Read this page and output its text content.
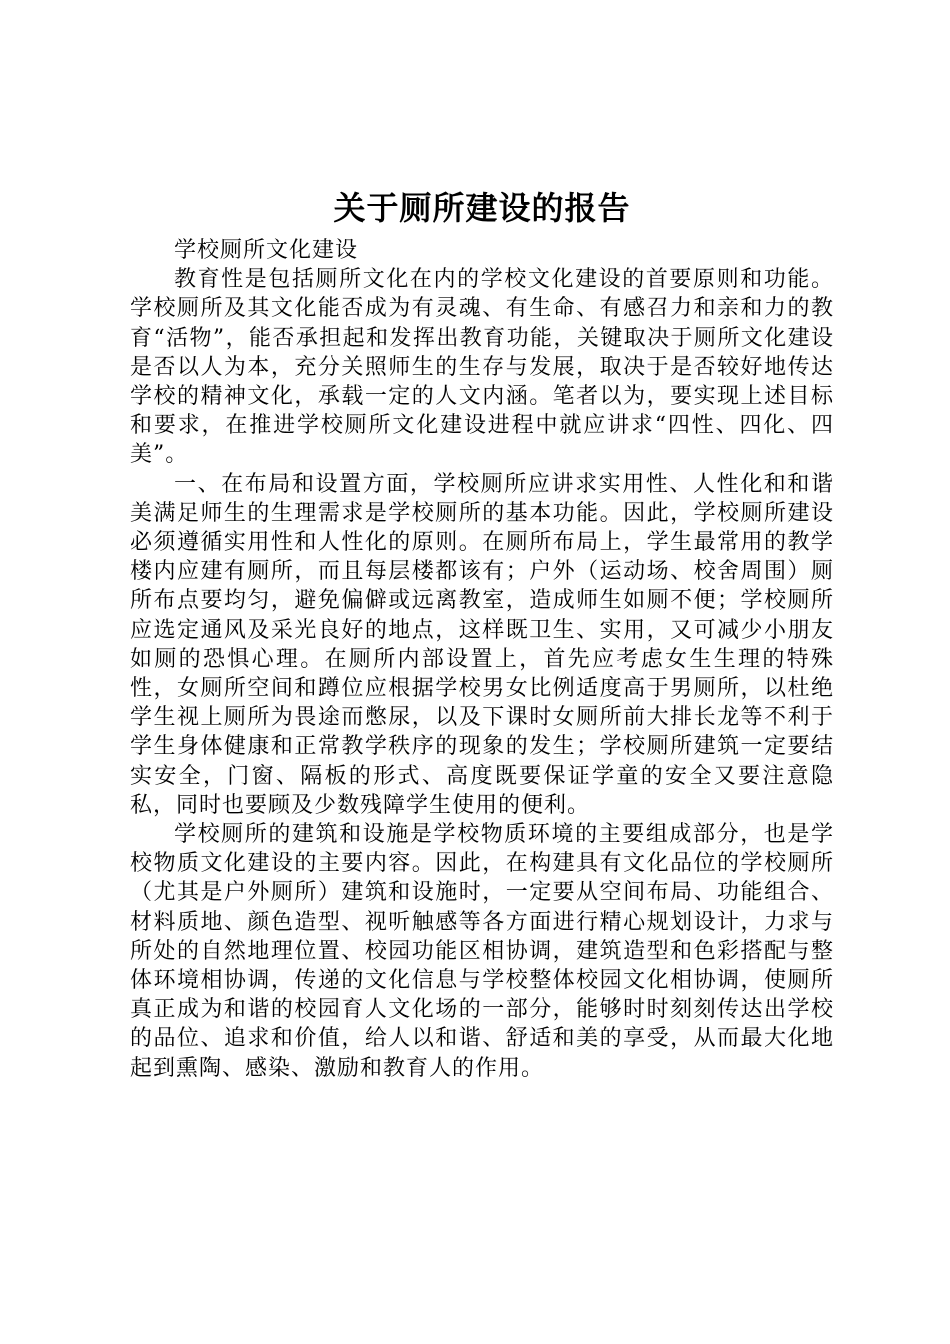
关于厕所建设的报告

学校厕所文化建设

教育性是包括厕所文化在内的学校文化建设的首要原则和功能。学校厕所及其文化能否成为有灵魂、有生命、有感召力和亲和力的教育“活物”，能否承担起和发挥出教育功能，关键取决于厕所文化建设是否以人为本，充分关照师生的生存与发展，取决于是否较好地传达学校的精神文化，承载一定的人文内涵。笔者以为，要实现上述目标和要求，在推进学校厕所文化建设进程中就应讲求“四性、四化、四美”。

一、在布局和设置方面，学校厕所应讲求实用性、人性化和和谐美满足师生的生理需求是学校厕所的基本功能。因此，学校厕所建设必须遵循实用性和人性化的原则。在厕所布局上，学生最常用的教学楼内应建有厕所，而且每层楼都该有；户外（运动场、校舍周围）厕所布点要均匀，避免偏僻或远离教室，造成师生如厕不便；学校厕所应选定通风及采光良好的地点，这样既卫生、实用，又可减少小朋友如厕的恐惧心理。在厕所内部设置上，首先应考虑女生生理的特殊性，女厕所空间和蹲位应根据学校男女比例适度高于男厕所，以杜绝学生视上厕所为畏途而憋尿，以及下课时女厕所前大排长龙等不利于学生身体健康和正常教学秩序的现象的发生；学校厕所建筑一定要结实安全，门窗、隔板的形式、高度既要保证学童的安全又要注意隐私，同时也要顾及少数残障学生使用的便利。

学校厕所的建筑和设施是学校物质环境的主要组成部分，也是学校物质文化建设的主要内容。因此，在构建具有文化品位的学校厕所（尤其是户外厕所）建筑和设施时，一定要从空间布局、功能组合、材料质地、颜色造型、视听触感等各方面进行精心规划设计，力求与所处的自然地理位置、校园功能区相协调，建筑造型和色彩搭配与整体环境相协调，传递的文化信息与学校整体校园文化相协调，使厕所真正成为和谐的校园育人文化场的一部分，能够时时刻刻传达出学校的品位、追求和价值，给人以和谐、舒适和美的享受，从而最大化地起到熏陶、感染、激励和教育人的作用。
